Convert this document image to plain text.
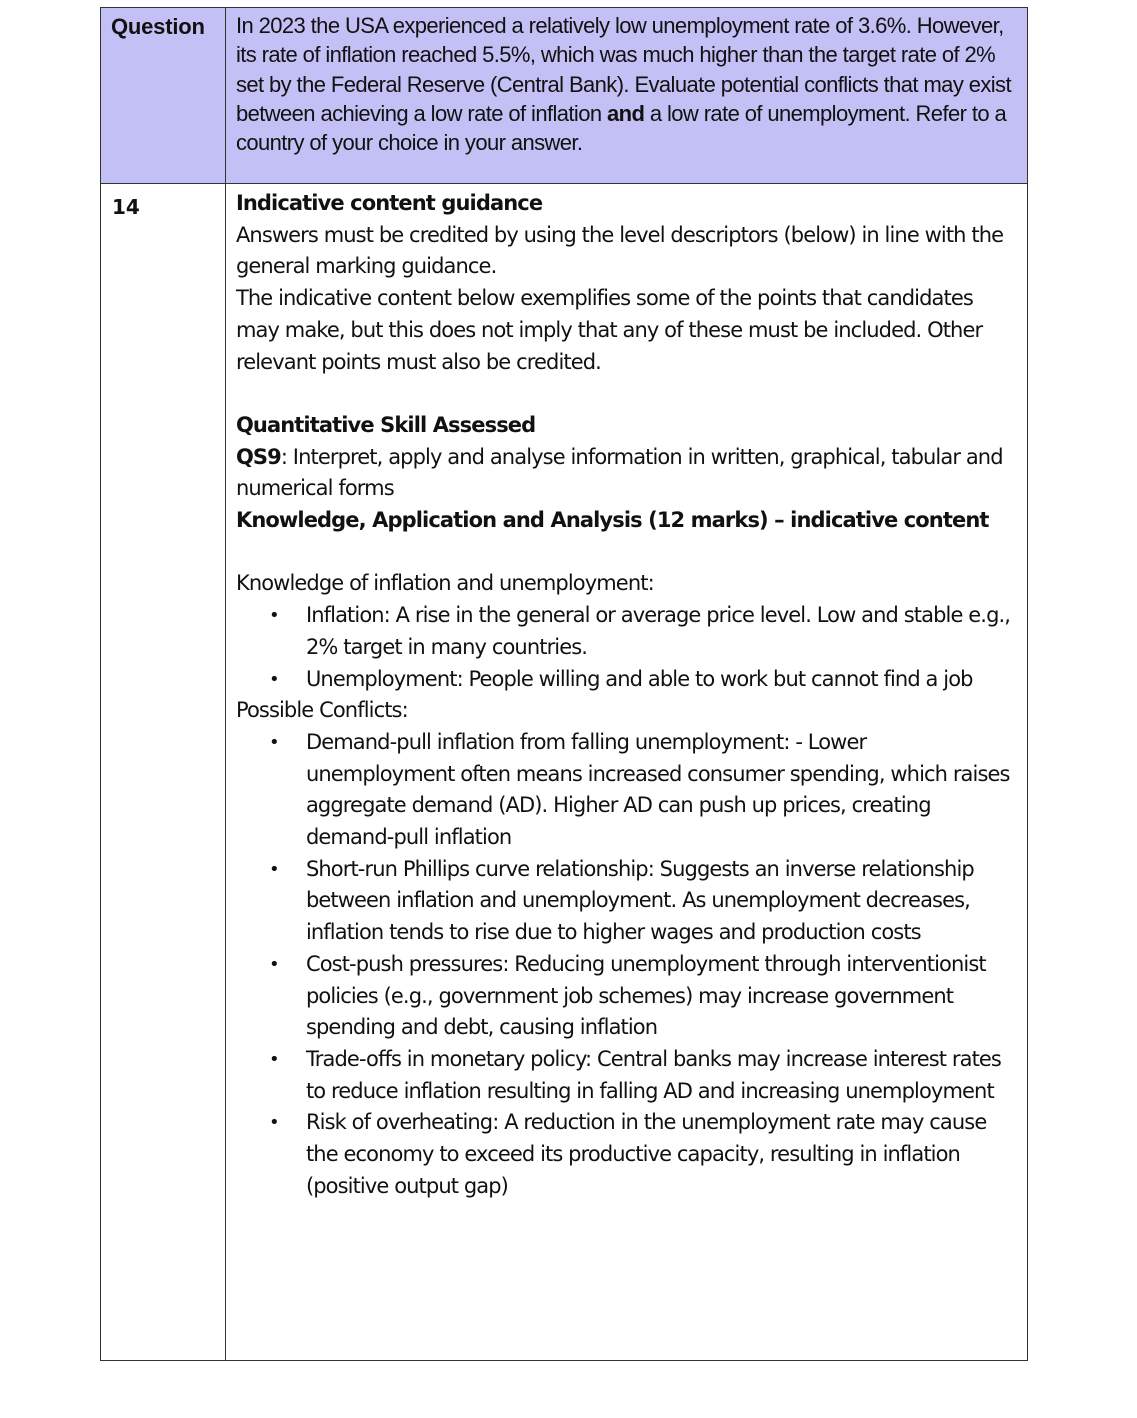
Question	In 2023 the USA experienced a relatively low unemployment rate of 3.6%. However, its rate of inflation reached 5.5%, which was much higher than the target rate of 2% set by the Federal Reserve (Central Bank). Evaluate potential conflicts that may exist between achieving a low rate of inflation and a low rate of unemployment. Refer to a country of your choice in your answer.

14	Indicative content guidance

Answers must be credited by using the level descriptors (below) in line with the general marking guidance.

The indicative content below exemplifies some of the points that candidates may make, but this does not imply that any of these must be included. Other relevant points must also be credited.

Quantitative Skill Assessed

QS9: Interpret, apply and analyse information in written, graphical, tabular and numerical forms

Knowledge, Application and Analysis (12 marks) – indicative content

Knowledge of inflation and unemployment:

• Inflation: A rise in the general or average price level. Low and stable e.g., 2% target in many countries.
• Unemployment: People willing and able to work but cannot find a job

Possible Conflicts:

• Demand-pull inflation from falling unemployment: - Lower unemployment often means increased consumer spending, which raises aggregate demand (AD). Higher AD can push up prices, creating demand-pull inflation
• Short-run Phillips curve relationship: Suggests an inverse relationship between inflation and unemployment. As unemployment decreases, inflation tends to rise due to higher wages and production costs
• Cost-push pressures: Reducing unemployment through interventionist policies (e.g., government job schemes) may increase government spending and debt, causing inflation
• Trade-offs in monetary policy: Central banks may increase interest rates to reduce inflation resulting in falling AD and increasing unemployment
• Risk of overheating: A reduction in the unemployment rate may cause the economy to exceed its productive capacity, resulting in inflation (positive output gap)
